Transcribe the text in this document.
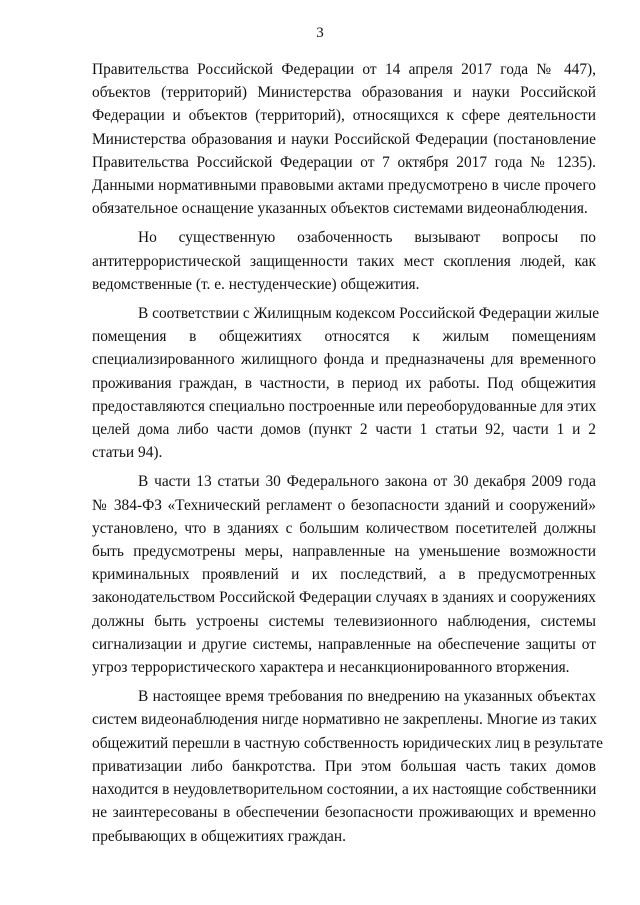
3

Правительства Российской Федерации от 14 апреля 2017 года № 447),
объектов (территорий) Министерства образования и науки Российской
Федерации и объектов (территорий), относящихся к сфере деятельности
Министерства образования и науки Российской Федерации (постановление
Правительства Российской Федерации от 7 октября 2017 года № 1235).
Данными нормативными правовыми актами предусмотрено в числе прочего
обязательное оснащение указанных объектов системами видеонаблюдения.

Но существенную озабоченность вызывают вопросы по
антитеррористической защищенности таких мест скопления людей, как
ведомственные (т. е. нестуденческие) общежития.

В соответствии с Жилищным кодексом Российской Федерации жилые
помещения в общежитиях относятся к жилым помещениям
специализированного жилищного фонда и предназначены для временного
проживания граждан, в частности, в период их работы. Под общежития
предоставляются специально построенные или переоборудованные для этих
целей дома либо части домов (пункт 2 части 1 статьи 92, части 1 и 2
статьи 94).

В части 13 статьи 30 Федерального закона от 30 декабря 2009 года
№ 384-ФЗ «Технический регламент о безопасности зданий и сооружений»
установлено, что в зданиях с большим количеством посетителей должны
быть предусмотрены меры, направленные на уменьшение возможности
криминальных проявлений и их последствий, а в предусмотренных
законодательством Российской Федерации случаях в зданиях и сооружениях
должны быть устроены системы телевизионного наблюдения, системы
сигнализации и другие системы, направленные на обеспечение защиты от
угроз террористического характера и несанкционированного вторжения.

В настоящее время требования по внедрению на указанных объектах
систем видеонаблюдения нигде нормативно не закреплены. Многие из таких
общежитий перешли в частную собственность юридических лиц в результате
приватизации либо банкротства. При этом большая часть таких домов
находится в неудовлетворительном состоянии, а их настоящие собственники
не заинтересованы в обеспечении безопасности проживающих и временно
пребывающих в общежитиях граждан.
